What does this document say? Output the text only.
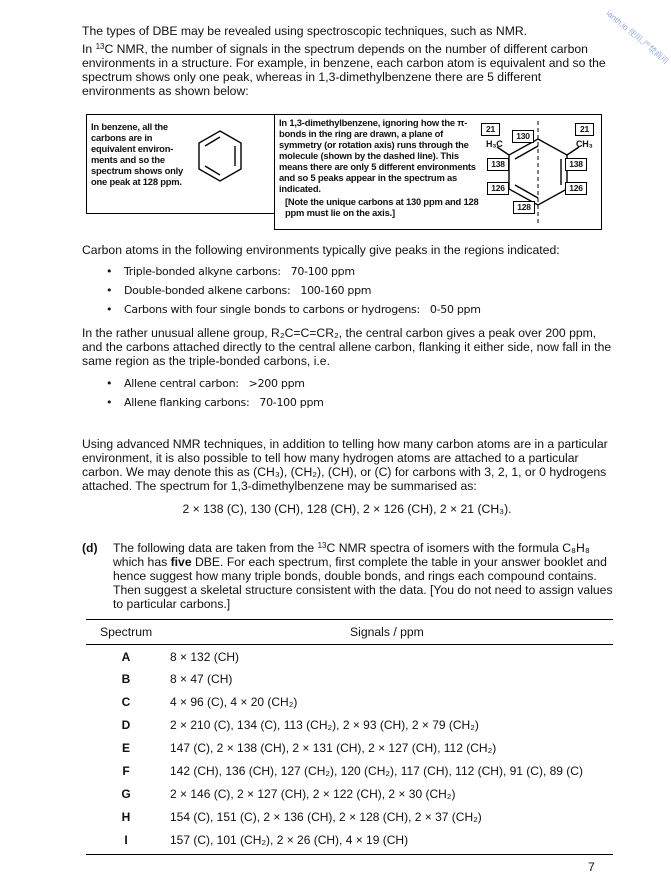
ianth.io 使用,严禁商用
The types of DBE may be revealed using spectroscopic techniques, such as NMR.
In $^{13}$C NMR, the number of signals in the spectrum depends on the number of different carbon environments in a structure. For example, in benzene, each carbon atom is equivalent and so the spectrum shows only one peak, whereas in 1,3-dimethylbenzene there are 5 different environments as shown below:
In benzene, all the carbons are in equivalent environ-ments and so the spectrum shows only one peak at 128 ppm.
In 1,3-dimethylbenzene, ignoring how the π-bonds in the ring are drawn, a plane of symmetry (or rotation axis) runs through the molecule (shown by the dashed line). This means there are only 5 different environments and so 5 peaks appear in the spectrum as indicated.
[Note the unique carbons at 130 ppm and 128 ppm must lie on the axis.]
H₃C	CH₃
21	21
130
138	138
126	126
128
Carbon atoms in the following environments typically give peaks in the regions indicated:
• Triple-bonded alkyne carbons: 70-100 ppm
• Double-bonded alkene carbons: 100-160 ppm
• Carbons with four single bonds to carbons or hydrogens: 0-50 ppm
In the rather unusual allene group, R₂C=C=CR₂, the central carbon gives a peak over 200 ppm, and the carbons attached directly to the central allene carbon, flanking it either side, now fall in the same region as the triple-bonded carbons, i.e.
• Allene central carbon: >200 ppm
• Allene flanking carbons: 70-100 ppm
Using advanced NMR techniques, in addition to telling how many carbon atoms are in a particular environment, it is also possible to tell how many hydrogen atoms are attached to a particular carbon. We may denote this as (CH₃), (CH₂), (CH), or (C) for carbons with 3, 2, 1, or 0 hydrogens attached. The spectrum for 1,3-dimethylbenzene may be summarised as:
2 × 138 (C), 130 (CH), 128 (CH), 2 × 126 (CH), 2 × 21 (CH₃).
(d) The following data are taken from the $^{13}$C NMR spectra of isomers with the formula C₈H₈ which has five DBE. For each spectrum, first complete the table in your answer booklet and hence suggest how many triple bonds, double bonds, and rings each compound contains. Then suggest a skeletal structure consistent with the data. [You do not need to assign values to particular carbons.]
Spectrum	Signals / ppm
A	8 × 132 (CH)
B	8 × 47 (CH)
C	4 × 96 (C), 4 × 20 (CH₂)
D	2 × 210 (C), 134 (C), 113 (CH₂), 2 × 93 (CH), 2 × 79 (CH₂)
E	147 (C), 2 × 138 (CH), 2 × 131 (CH), 2 × 127 (CH), 112 (CH₂)
F	142 (CH), 136 (CH), 127 (CH₂), 120 (CH₂), 117 (CH), 112 (CH), 91 (C), 89 (C)
G	2 × 146 (C), 2 × 127 (CH), 2 × 122 (CH), 2 × 30 (CH₂)
H	154 (C), 151 (C), 2 × 136 (CH), 2 × 128 (CH), 2 × 37 (CH₂)
I	157 (C), 101 (CH₂), 2 × 26 (CH), 4 × 19 (CH)
7
